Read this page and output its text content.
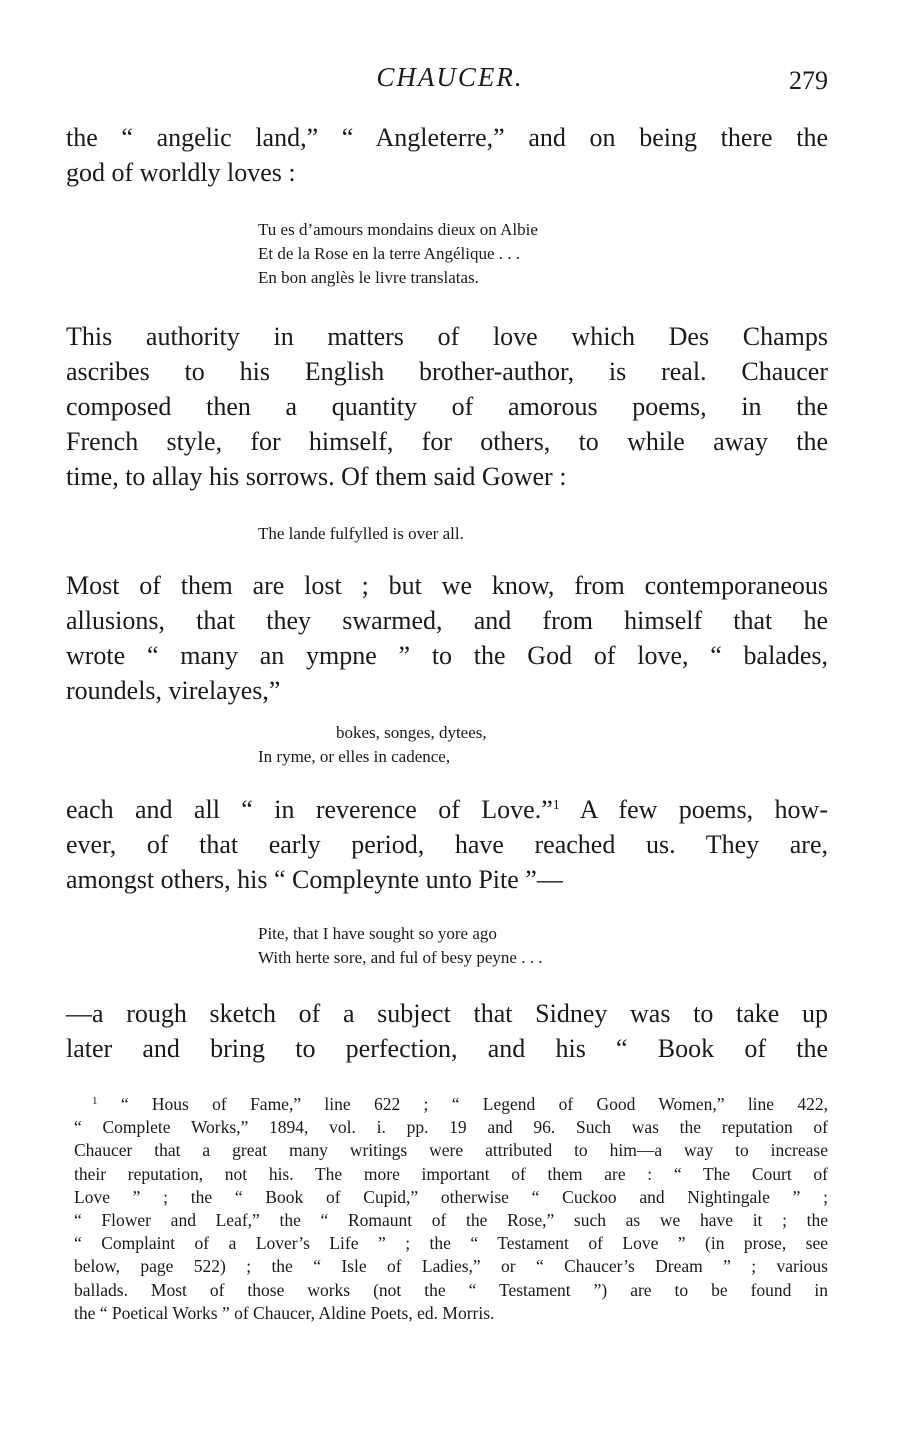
CHAUCER.	279
the “ angelic land,” “ Angleterre,” and on being there the
god of worldly loves :
Tu es d’amours mondains dieux on Albie
Et de la Rose en la terre Angélique . . .
En bon anglès le livre translatas.
This authority in matters of love which Des Champs
ascribes to his English brother-author, is real. Chaucer
composed then a quantity of amorous poems, in the
French style, for himself, for others, to while away the
time, to allay his sorrows. Of them said Gower :
The lande fulfylled is over all.
Most of them are lost ; but we know, from contemporaneous
allusions, that they swarmed, and from himself that he
wrote “ many an ympne ” to the God of love, “ balades,
roundels, virelayes,”
bokes, songes, dytees,
In ryme, or elles in cadence,
each and all “ in reverence of Love.”$^1$ A few poems, how-
ever, of that early period, have reached us. They are,
amongst others, his “ Compleynte unto Pite ”—
Pite, that I have sought so yore ago
With herte sore, and ful of besy peyne . . .
—a rough sketch of a subject that Sidney was to take up
later and bring to perfection, and his “ Book of the
$^1$ “ Hous of Fame,” line 622 ; “ Legend of Good Women,” line 422,
“ Complete Works,” 1894, vol. i. pp. 19 and 96. Such was the reputation of
Chaucer that a great many writings were attributed to him—a way to increase
their reputation, not his. The more important of them are : “ The Court of
Love ” ; the “ Book of Cupid,” otherwise “ Cuckoo and Nightingale ” ;
“ Flower and Leaf,” the “ Romaunt of the Rose,” such as we have it ; the
“ Complaint of a Lover’s Life ” ; the “ Testament of Love ” (in prose, see
below, page 522) ; the “ Isle of Ladies,” or “ Chaucer’s Dream ” ; various
ballads. Most of those works (not the “ Testament ”) are to be found in
the “ Poetical Works ” of Chaucer, Aldine Poets, ed. Morris.
